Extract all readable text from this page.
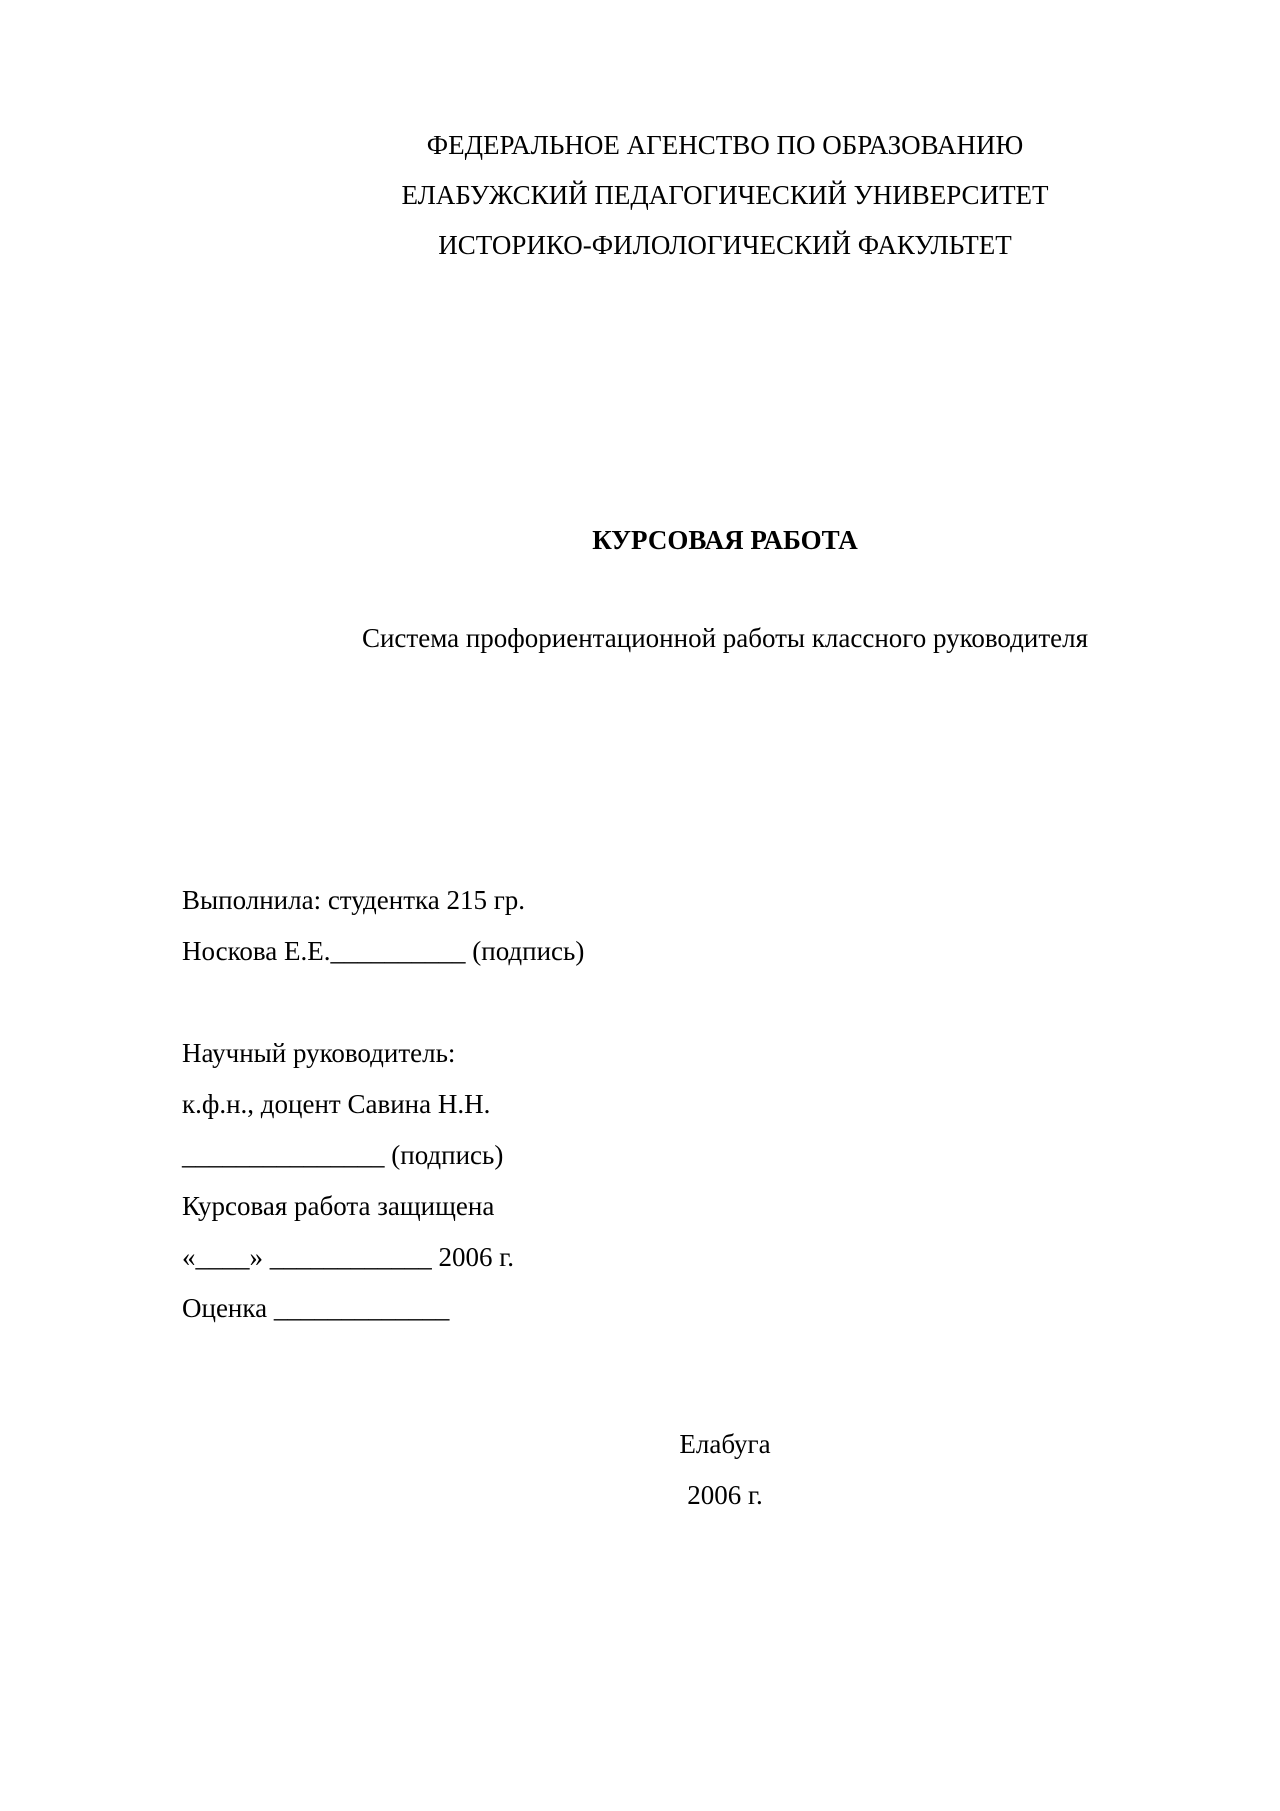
ФЕДЕРАЛЬНОЕ АГЕНСТВО ПО ОБРАЗОВАНИЮ
ЕЛАБУЖСКИЙ ПЕДАГОГИЧЕСКИЙ УНИВЕРСИТЕТ
ИСТОРИКО-ФИЛОЛОГИЧЕСКИЙ ФАКУЛЬТЕТ
КУРСОВАЯ РАБОТА
Система профориентационной работы классного руководителя
Выполнила: студентка 215 гр.
Носкова Е.Е.__________ (подпись)
Научный руководитель:
к.ф.н., доцент Савина Н.Н.
_______________ (подпись)
Курсовая работа защищена
«____» ____________ 2006 г.
Оценка _____________
Елабуга
2006 г.
